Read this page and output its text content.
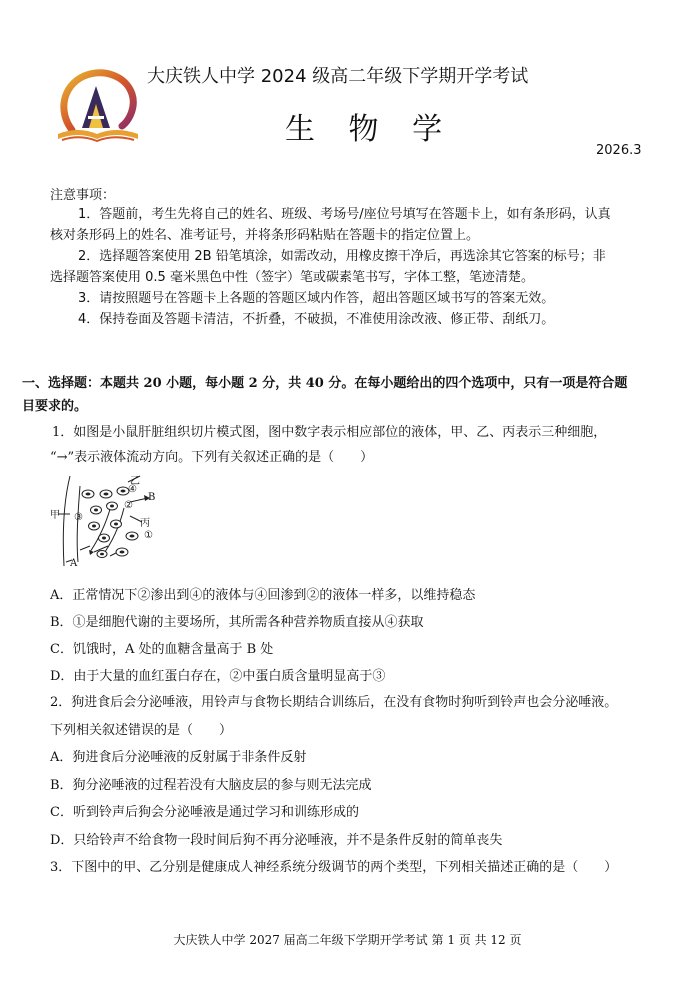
大庆铁人中学 2024 级高二年级下学期开学考试
生 物 学
2026.3
注意事项：
1．答题前，考生先将自己的姓名、班级、考场号/座位号填写在答题卡上，如有条形码，认真
核对条形码上的姓名、准考证号，并将条形码粘贴在答题卡的指定位置上。
2．选择题答案使用 2B 铅笔填涂，如需改动，用橡皮擦干净后，再选涂其它答案的标号；非
选择题答案使用 0.5 毫米黑色中性（签字）笔或碳素笔书写，字体工整，笔迹清楚。
3．请按照题号在答题卡上各题的答题区域内作答，超出答题区域书写的答案无效。
4．保持卷面及答题卡清洁，不折叠，不破损，不准使用涂改液、修正带、刮纸刀。
一、选择题：本题共 20 小题，每小题 2 分，共 40 分。在每小题给出的四个选项中，只有一项是符合题
目要求的。
1．如图是小鼠肝脏组织切片模式图，图中数字表示相应部位的液体，甲、乙、丙表示三种细胞，
“→”表示液体流动方向。下列有关叙述正确的是（　　）
甲
乙
丙
A
B
①
②
③
④
A．正常情况下②渗出到④的液体与④回渗到②的液体一样多，以维持稳态
B．①是细胞代谢的主要场所，其所需各种营养物质直接从④获取
C．饥饿时，A 处的血糖含量高于 B 处
D．由于大量的血红蛋白存在，②中蛋白质含量明显高于③
2．狗进食后会分泌唾液，用铃声与食物长期结合训练后，在没有食物时狗听到铃声也会分泌唾液。
下列相关叙述错误的是（　　）
A．狗进食后分泌唾液的反射属于非条件反射
B．狗分泌唾液的过程若没有大脑皮层的参与则无法完成
C．听到铃声后狗会分泌唾液是通过学习和训练形成的
D．只给铃声不给食物一段时间后狗不再分泌唾液，并不是条件反射的简单丧失
3．下图中的甲、乙分别是健康成人神经系统分级调节的两个类型，下列相关描述正确的是（　　）
大庆铁人中学 2027 届高二年级下学期开学考试 第 1 页 共 12 页
